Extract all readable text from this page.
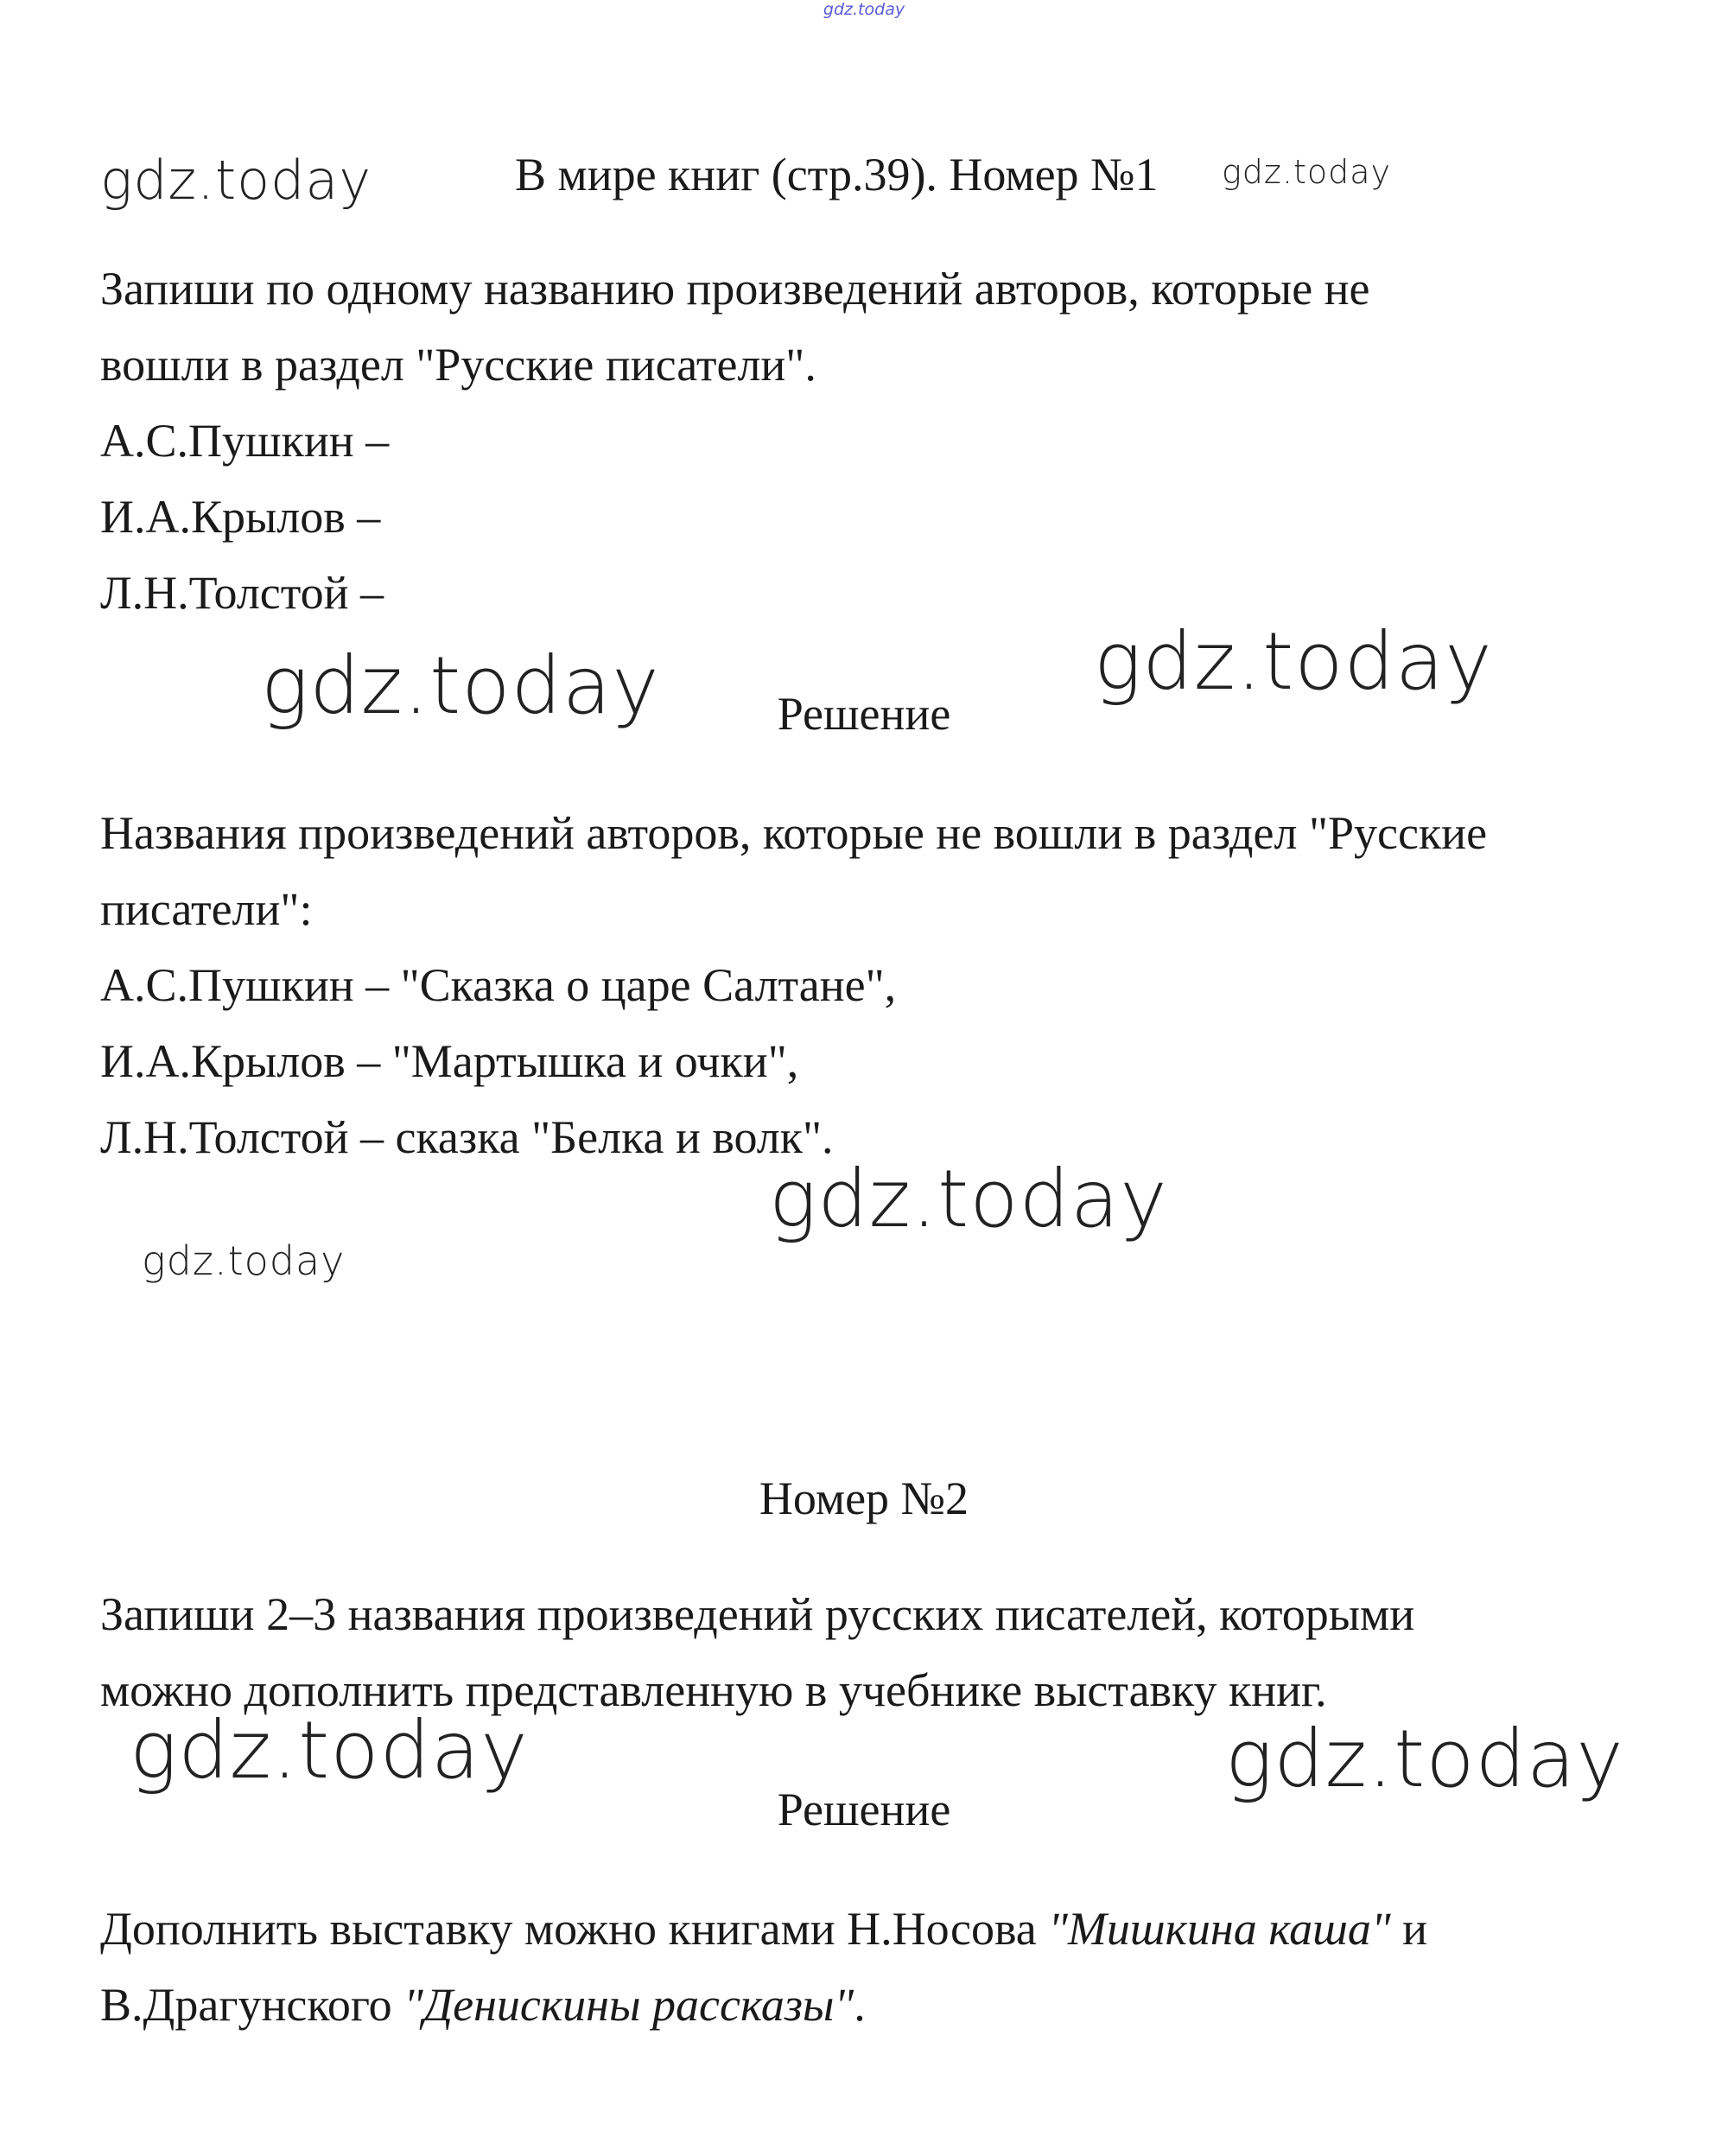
gdz.today
gdz.today	В мире книг (стр.39). Номер №1 gdz.today
Запиши по одному названию произведений авторов, которые не
вошли в раздел "Русские писатели".
А.С.Пушкин –
И.А.Крылов –
Л.Н.Толстой –
gdz.today	gdz.today
Решение
Названия произведений авторов, которые не вошли в раздел "Русские
писатели":
А.С.Пушкин – "Сказка о царе Салтане",
И.А.Крылов – "Мартышка и очки",
Л.Н.Толстой – сказка "Белка и волк".
gdz.today
gdz.today
Номер №2
Запиши 2–3 названия произведений русских писателей, которыми
можно дополнить представленную в учебнике выставку книг.
gdz.today	gdz.today
Решение
Дополнить выставку можно книгами Н.Носова "Мишкина каша" и
В.Драгунского "Денискины рассказы".
